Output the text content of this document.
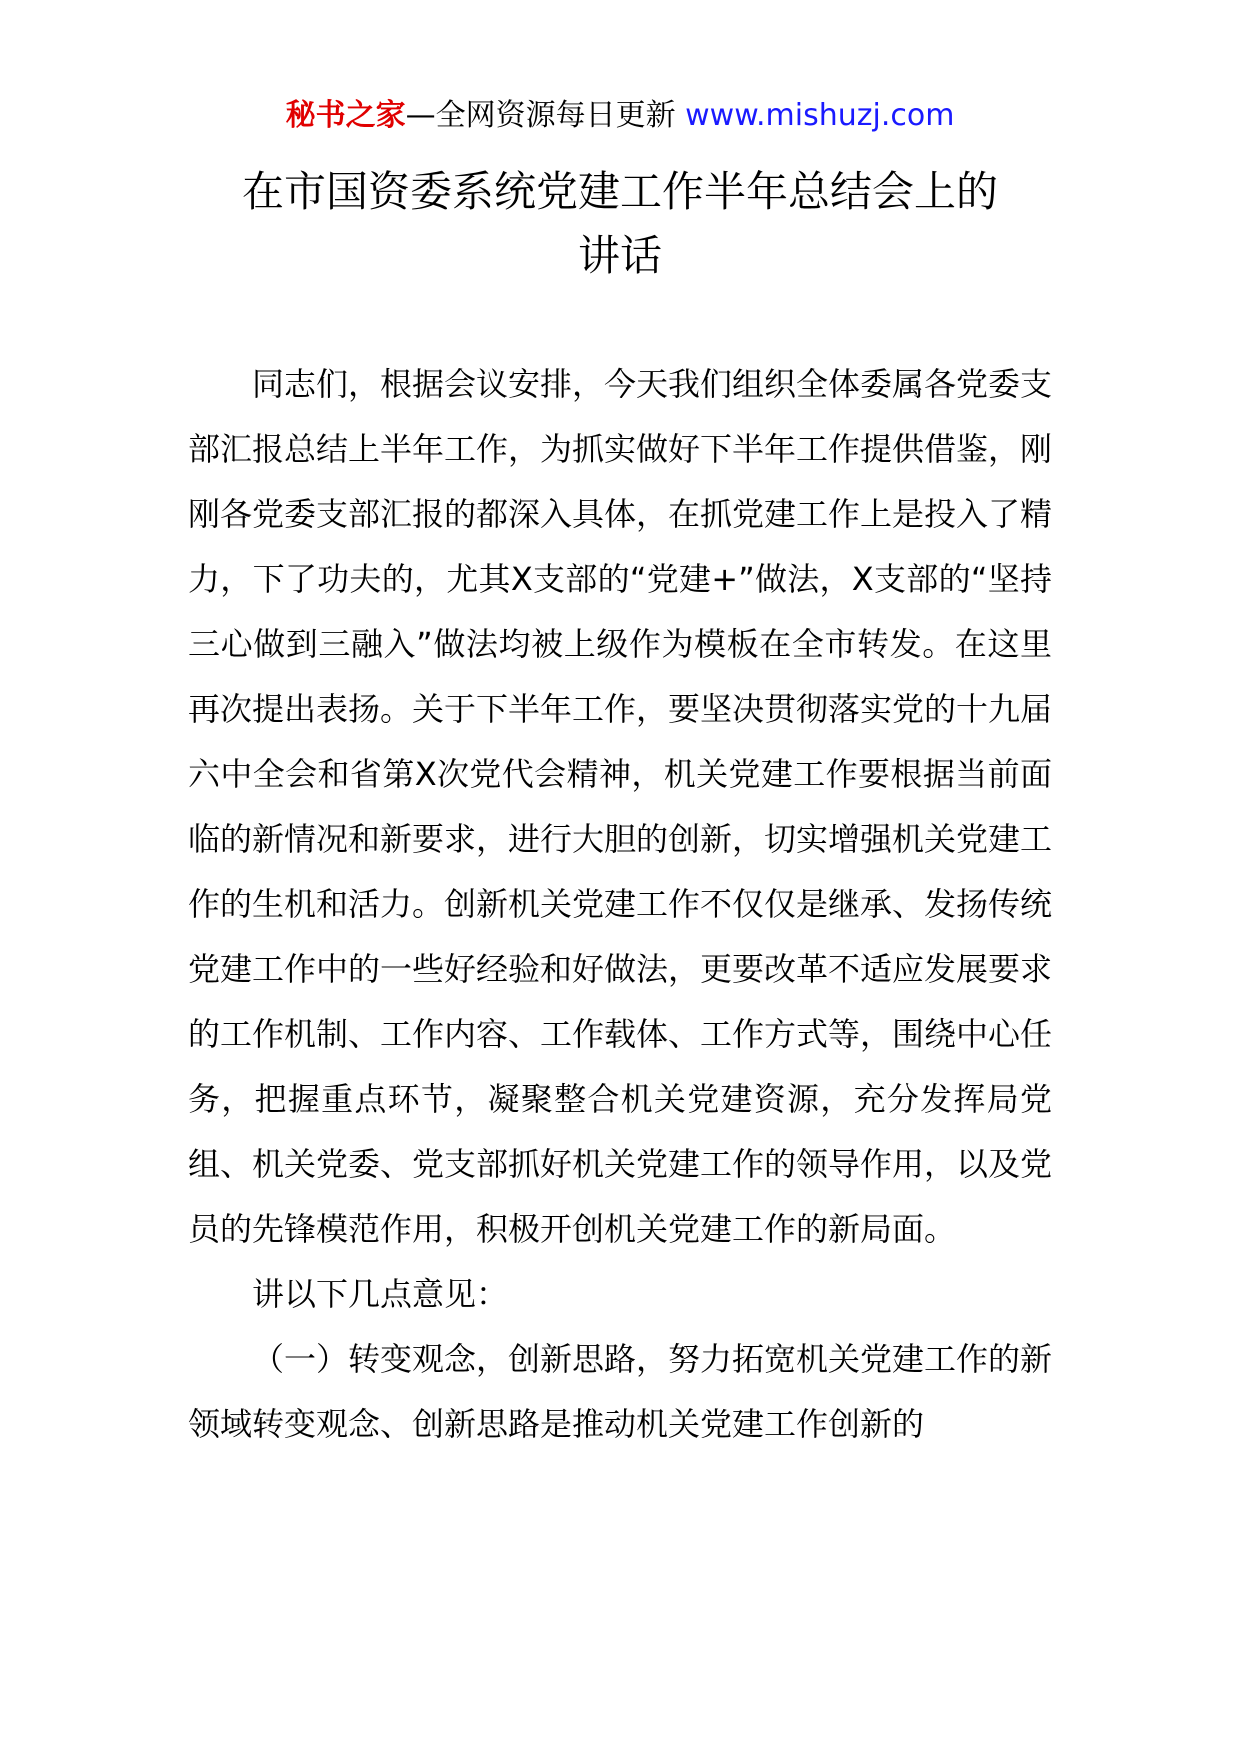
秘书之家—全网资源每日更新 www.mishuzj.com
在市国资委系统党建工作半年总结会上的
讲话

同志们，根据会议安排，今天我们组织全体委属各党委支部汇报总结上半年工作，为抓实做好下半年工作提供借鉴，刚刚各党委支部汇报的都深入具体，在抓党建工作上是投入了精力，下了功夫的，尤其X支部的“党建+”做法，X支部的“坚持三心做到三融入”做法均被上级作为模板在全市转发。在这里再次提出表扬。关于下半年工作，要坚决贯彻落实党的十九届六中全会和省第X次党代会精神，机关党建工作要根据当前面临的新情况和新要求，进行大胆的创新，切实增强机关党建工作的生机和活力。创新机关党建工作不仅仅是继承、发扬传统党建工作中的一些好经验和好做法，更要改革不适应发展要求的工作机制、工作内容、工作载体、工作方式等，围绕中心任务，把握重点环节，凝聚整合机关党建资源，充分发挥局党组、机关党委、党支部抓好机关党建工作的领导作用，以及党员的先锋模范作用，积极开创机关党建工作的新局面。

讲以下几点意见：

（一）转变观念，创新思路，努力拓宽机关党建工作的新领域转变观念、创新思路是推动机关党建工作创新的
